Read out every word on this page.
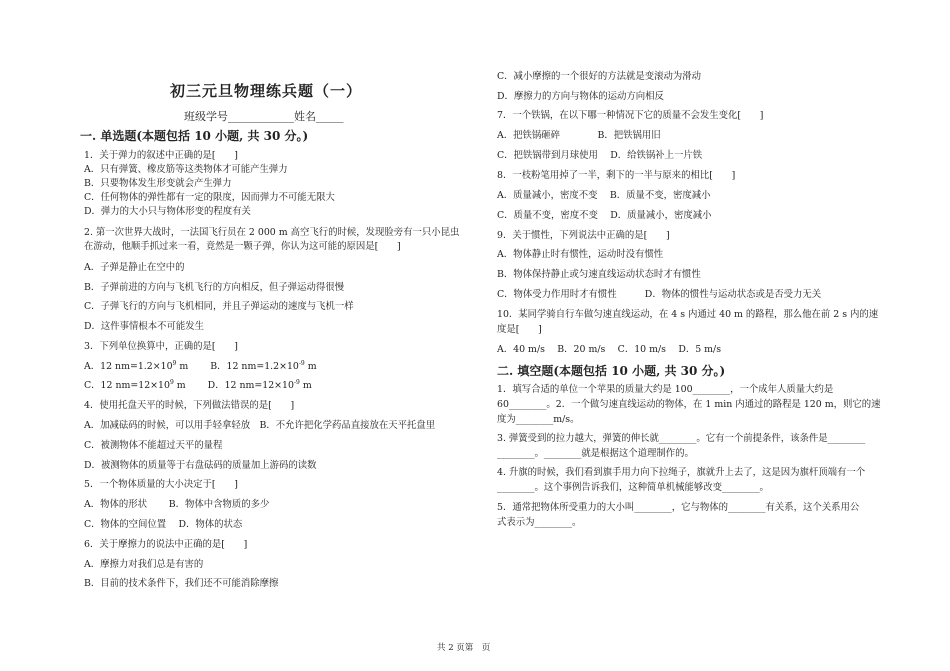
初三元旦物理练兵题（一）
班级学号____________姓名_____
一. 单选题(本题包括 10 小题, 共 30 分。)
1．关于弹力的叙述中正确的是[　　]
A．只有弹簧、橡皮筋等这类物体才可能产生弹力
B．只要物体发生形变就会产生弹力
C．任何物体的弹性都有一定的限度，因而弹力不可能无限大
D．弹力的大小只与物体形变的程度有关
2. 第一次世界大战时，一法国飞行员在 2 000 m 高空飞行的时候，发现脸旁有一只小昆虫
在游动，他顺手抓过来一看，竟然是一颗子弹，你认为这可能的原因是[　　]
A．子弹是静止在空中的
B．子弹前进的方向与飞机飞行的方向相反，但子弹运动得很慢
C．子弹飞行的方向与飞机相同，并且子弹运动的速度与飞机一样
D．这件事情根本不可能发生
3．下列单位换算中，正确的是[　　]
A．12 $nm=1.2\times 10^9$ m B．12 $nm=1.2\times 10^{-9}$ m
C．12 $nm=12\times 10^9$ m D．12 $nm=12\times 10^{-9}$ m
4．使用托盘天平的时候，下列做法错误的是[　　]
A．加减砝码的时候，可以用手轻拿轻放　B．不允许把化学药品直接放在天平托盘里
C．被测物体不能超过天平的量程
D．被测物体的质量等于右盘砝码的质量加上游码的读数
5．一个物体质量的大小决定于[　　]
A．物体的形状　　 B．物体中含物质的多少
C．物体的空间位置　 D．物体的状态
6．关于摩擦力的说法中正确的是[　　]
A．摩擦力对我们总是有害的
B．目前的技术条件下，我们还不可能消除摩擦
C．减小摩擦的一个很好的方法就是变滚动为滑动
D．摩擦力的方向与物体的运动方向相反
7．一个铁锅，在以下哪一种情况下它的质量不会发生变化[　　]
A．把铁锅砸碎　　　　B．把铁锅用旧
C．把铁锅带到月球使用　 D．给铁锅补上一片铁
8．一枝粉笔用掉了一半，剩下的一半与原来的相比[　　]
A．质量减小，密度不变　 B．质量不变，密度减小
C．质量不变，密度不变　 D．质量减小，密度减小
9．关于惯性，下列说法中正确的是[　　]
A．物体静止时有惯性，运动时没有惯性
B．物体保持静止或匀速直线运动状态时才有惯性
C．物体受力作用时才有惯性　　　D．物体的惯性与运动状态或是否受力无关
10．某同学骑自行车做匀速直线运动，在 4 s 内通过 40 m 的路程，那么他在前 2 s 内的速
度是[　　]
A．40 m/s　 B．20 m/s　 C．10 m/s　 D．5 m/s
二. 填空题(本题包括 10 小题, 共 30 分。)
1．填写合适的单位一个苹果的质量大约是 100________，一个成年人质量大约是
60________。2．一个做匀速直线运动的物体，在 1 min 内通过的路程是 120 m，则它的速
度为________m/s。
3. 弹簧受到的拉力越大，弹簧的伸长就________。它有一个前提条件，该条件是________
________。________就是根据这个道理制作的。
4. 升旗的时候，我们看到旗手用力向下拉绳子，旗就升上去了，这是因为旗杆顶端有一个
________。这个事例告诉我们，这种简单机械能够改变________。
5．通常把物体所受重力的大小叫________，它与物体的________有关系，这个关系用公
式表示为________。
共 2 页第　页
